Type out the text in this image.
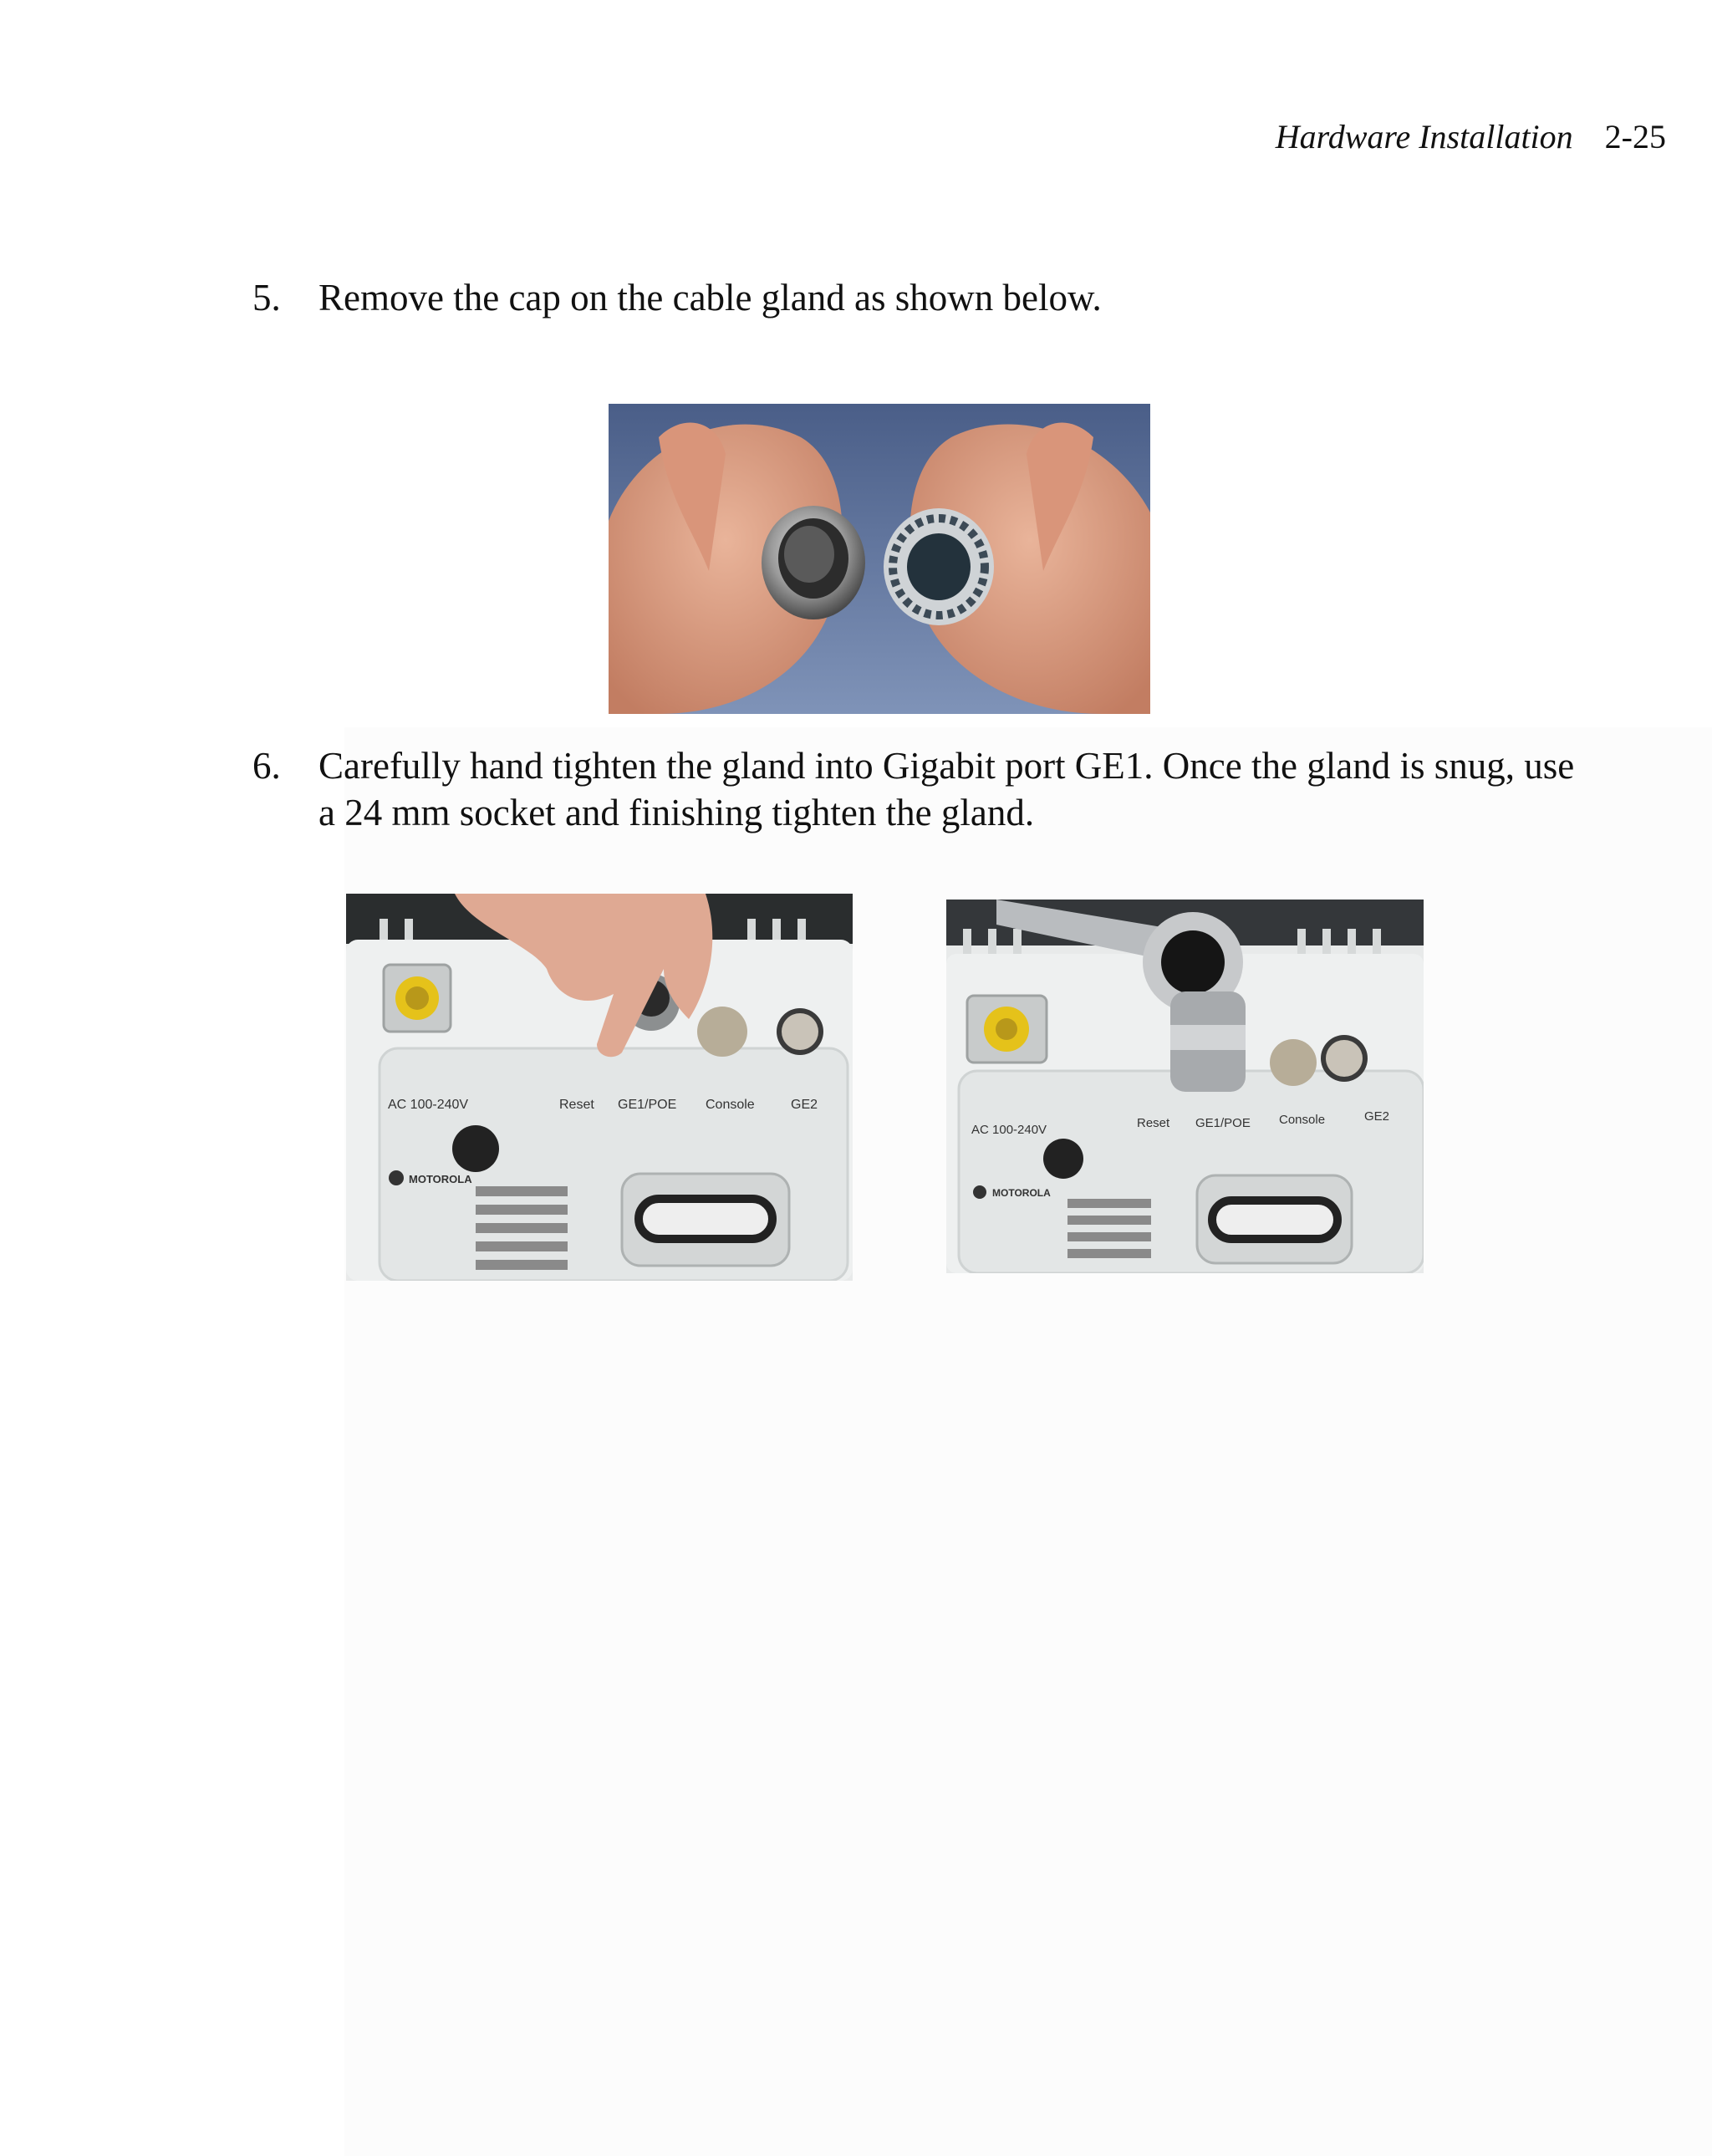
Hardware Installation 2-25
5. Remove the cap on the cable gland as shown below.
6. Carefully hand tighten the gland into Gigabit port GE1. Once the gland is snug, use a 24 mm socket and finishing tighten the gland.
AC 100-240V	Reset GE1/POE Console	GE2
MOTOROLA
AC 100-240V	Reset GE1/POE Console	GE2
MOTOROLA
